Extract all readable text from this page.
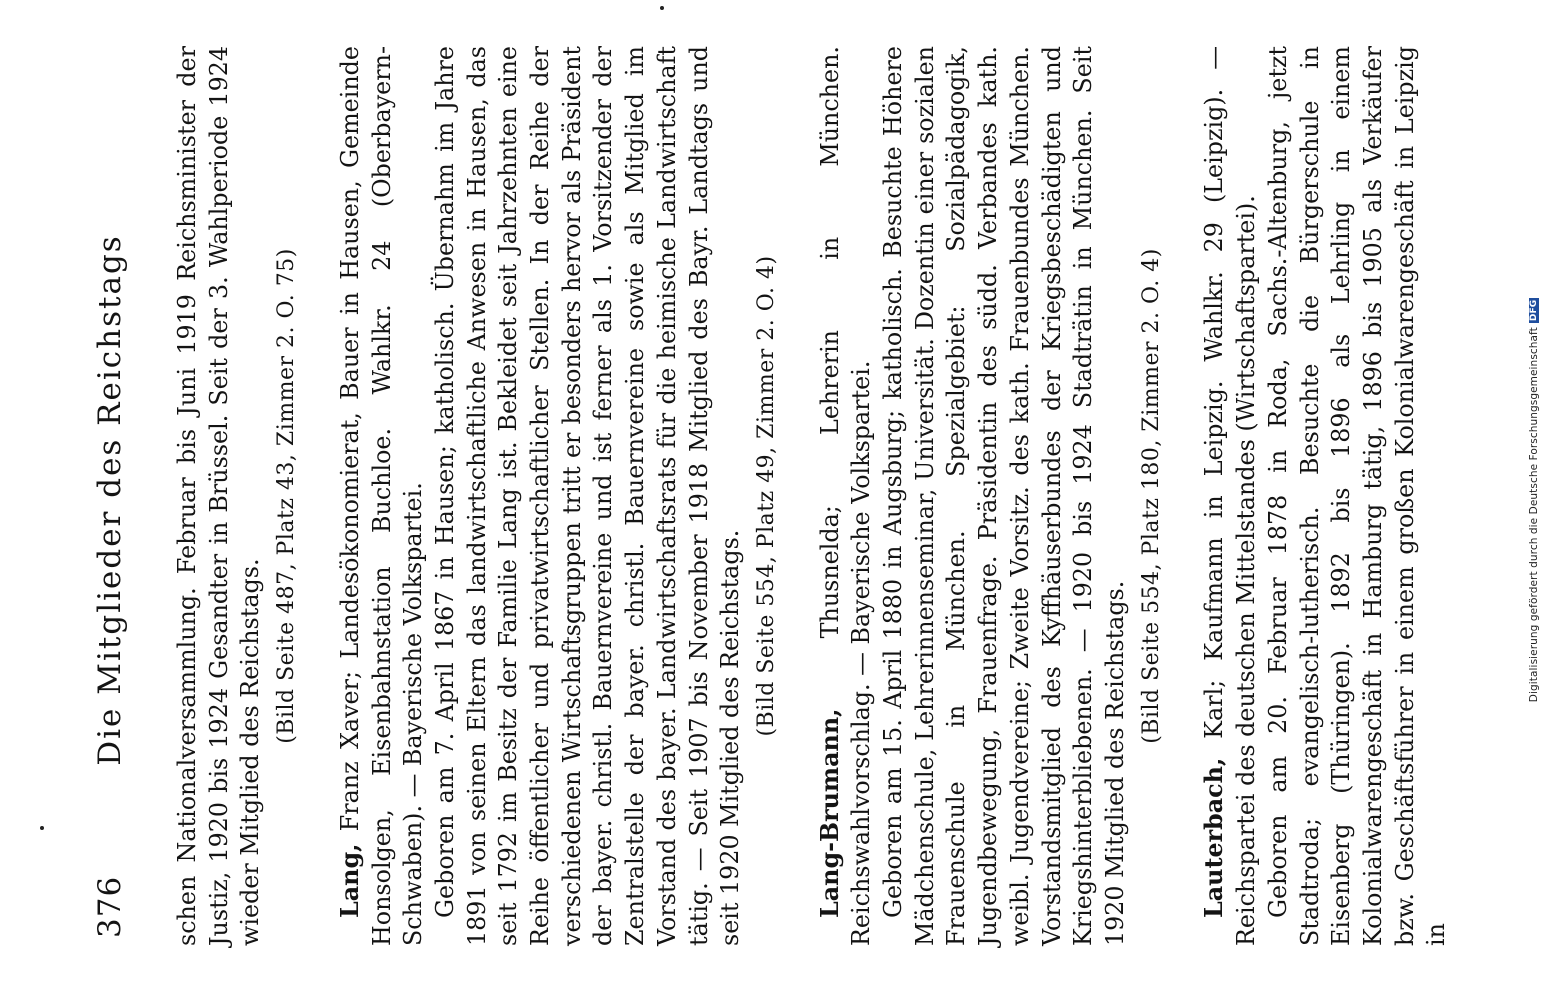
376
Die Mitglieder des Reichstags schen Nationalversammlung. Februar bis Juni 1919 Reichsminister der Justiz, 1920 bis 1924 Gesandter in Brüssel. Seit der 3. Wahlperiode 1924 wieder Mitglied des Reichstags.

(Bild Seite 487, Platz 43, Zimmer 2. O. 75)

Lang, Franz Xaver; Landesökonomierat, Bauer in Hausen, Gemeinde Honsolgen, Eisenbahnstation Buchloe. Wahlkr. 24 (Oberbayern-Schwaben). — Bayerische Volkspartei. Geboren am 7. April 1867 in Hausen; katholisch. Übernahm im Jahre 1891 von seinen Eltern das landwirtschaftliche Anwesen in Hausen, das seit 1792 im Besitz der Familie Lang ist. Bekleidet seit Jahrzehnten eine Reihe öffentlicher und privatwirtschaftlicher Stellen. In der Reihe der verschiedenen Wirtschaftsgruppen tritt er besonders hervor als Präsident der bayer. christl. Bauernvereine und ist ferner als 1. Vorsitzender der Zentralstelle der bayer. christl. Bauernvereine sowie als Mitglied im Vorstand des bayer. Landwirtschaftsrats für die heimische Landwirtschaft tätig. — Seit 1907 bis November 1918 Mitglied des Bayr. Landtags und seit 1920 Mitglied des Reichstags.

(Bild Seite 554, Platz 49, Zimmer 2. O. 4)

Lang-Brumann, Thusnelda; Lehrerin in München. Reichswahlvorschlag. — Bayerische Volkspartei. Geboren am 15. April 1880 in Augsburg; katholisch. Besuchte Höhere Mädchenschule, Lehrerinnenseminar, Universität. Dozentin einer sozialen Frauenschule in München. Spezialgebiet: Sozialpädagogik, Jugendbewegung, Frauenfrage. Präsidentin des südd. Verbandes kath. weibl. Jugendvereine; Zweite Vorsitz. des kath. Frauenbundes München. Vorstandsmitglied des Kyffhäuserbundes der Kriegsbeschädigten und Kriegshinterbliebenen. — 1920 bis 1924 Stadträtin in München. Seit 1920 Mitglied des Reichstags.

(Bild Seite 554, Platz 180, Zimmer 2. O. 4)

Lauterbach, Karl; Kaufmann in Leipzig. Wahlkr. 29 (Leipzig). — Reichspartei des deutschen Mittelstandes (Wirtschaftspartei). Geboren am 20. Februar 1878 in Roda, Sachs.-Altenburg, jetzt Stadtroda; evangelisch-lutherisch. Besuchte die Bürgerschule in Eisenberg (Thüringen). 1892 bis 1896 als Lehrling in einem Kolonialwarengeschäft in Hamburg tätig, 1896 bis 1905 als Verkäufer bzw. Geschäftsführer in einem großen Kolonialwarengeschäft in Leipzig in

Digitalisierung gefördert durch die Deutsche ForschungsgemeinschaftDFG
